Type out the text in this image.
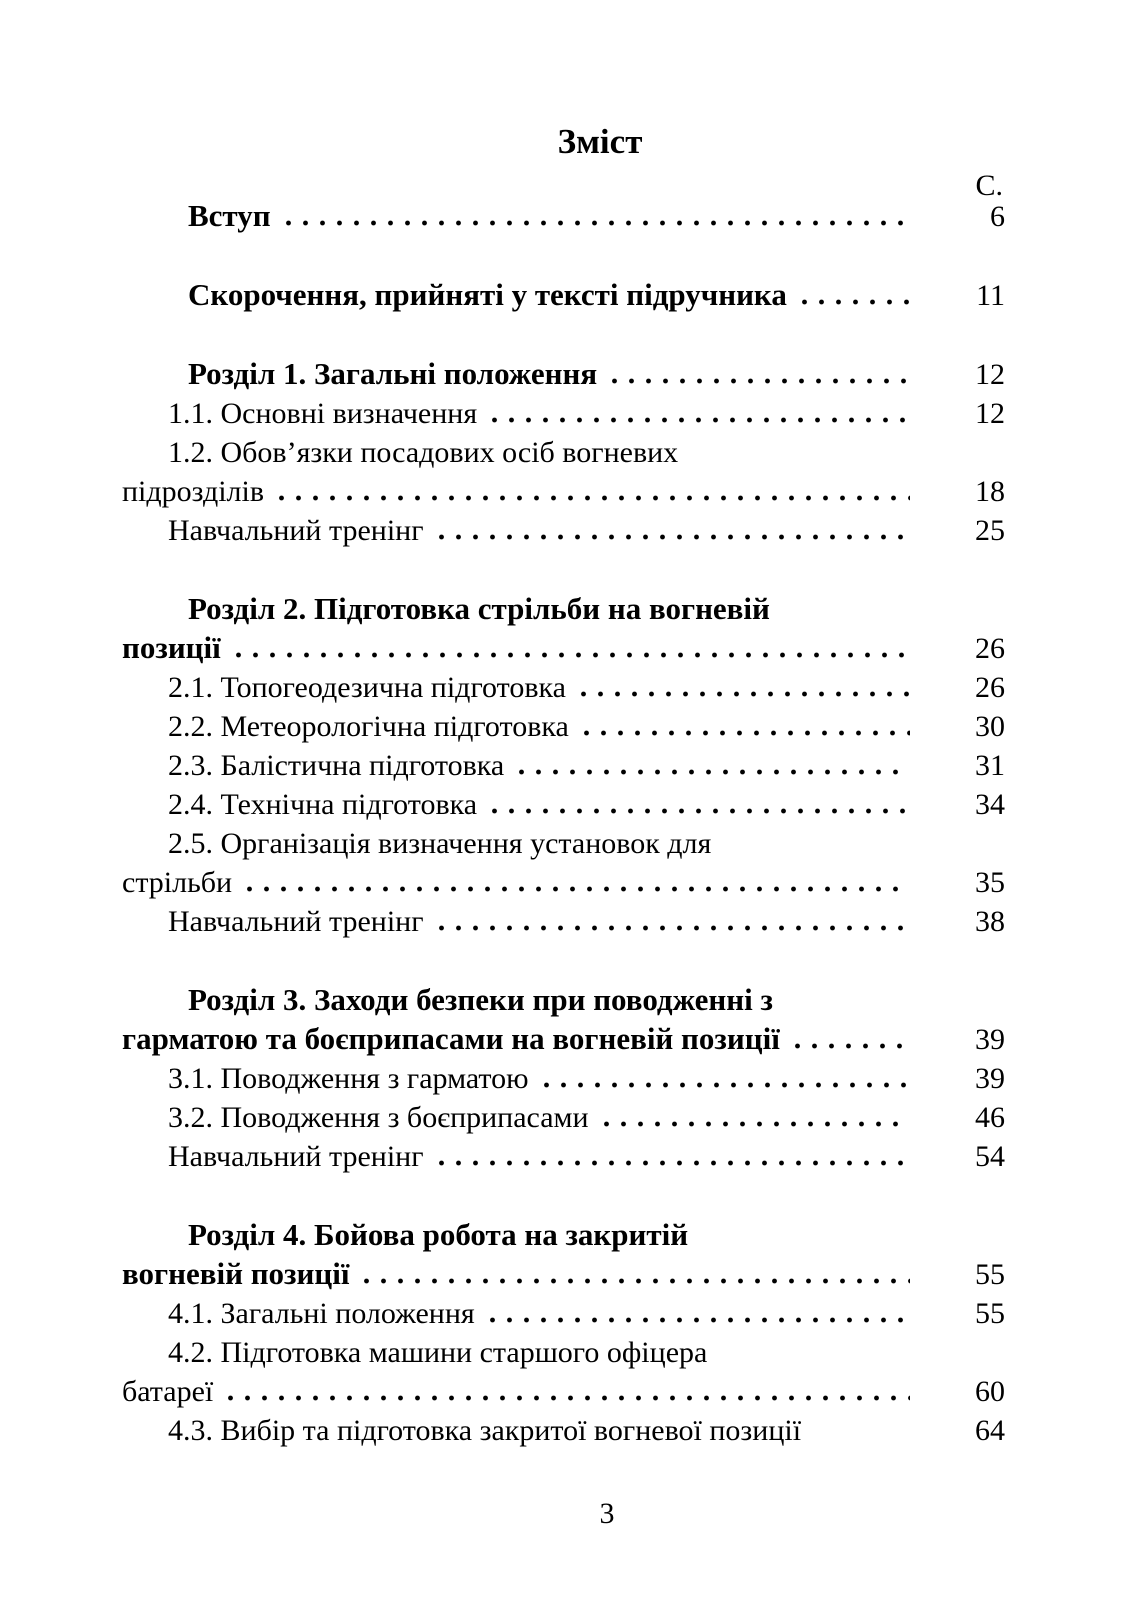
Зміст
С.
Вступ	6
Скорочення, прийняті у тексті підручника	11
Розділ 1. Загальні положення	12
1.1. Основні визначення	12
1.2. Обов’язки посадових осіб вогневих
підрозділів	18
Навчальний тренінг	25
Розділ 2. Підготовка стрільби на вогневій
позиції	26
2.1. Топогеодезична підготовка	26
2.2. Метеорологічна підготовка	30
2.3. Балістична підготовка	31
2.4. Технічна підготовка	34
2.5. Організація визначення установок для
стрільби	35
Навчальний тренінг	38
Розділ 3. Заходи безпеки при поводженні з
гарматою та боєприпасами на вогневій позиції	39
3.1. Поводження з гарматою	39
3.2. Поводження з боєприпасами	46
Навчальний тренінг	54
Розділ 4. Бойова робота на закритій
вогневій позиції	55
4.1. Загальні положення	55
4.2. Підготовка машини старшого офіцера
батареї	60
4.3. Вибір та підготовка закритої вогневої позиції	64
3
